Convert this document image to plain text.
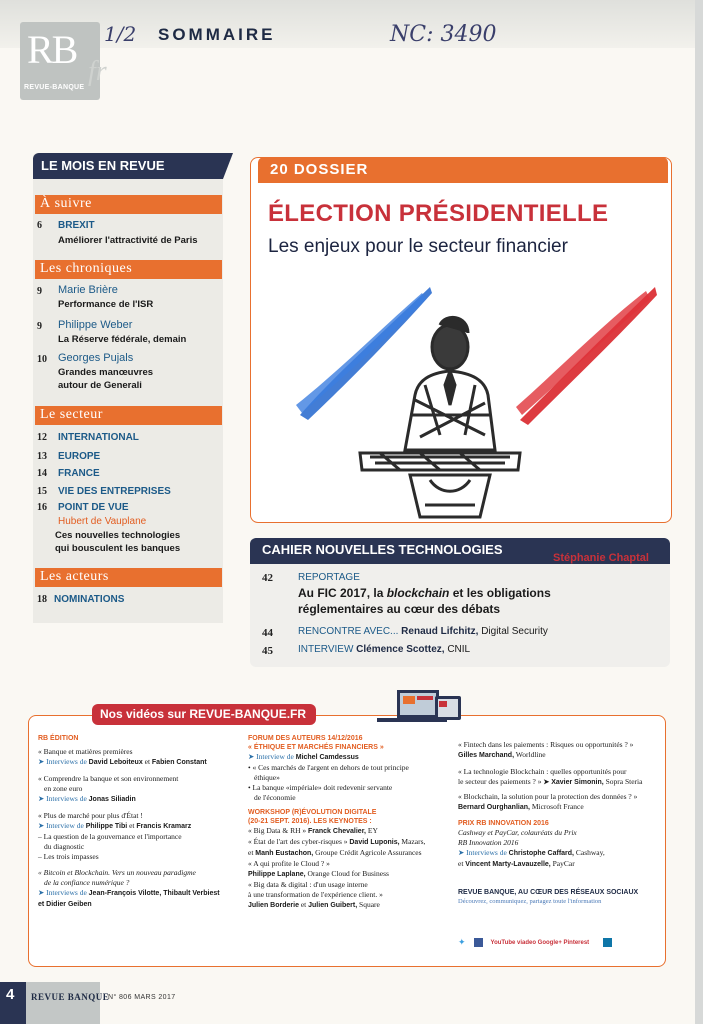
RB fr
REVUE-BANQUE
1/2 SOMMAIRE	NC: 3490
LE MOIS EN REVUE
À suivre
6 BREXIT
Améliorer l'attractivité de Paris
Les chroniques
9 Marie Brière
Performance de l'ISR
9 Philippe Weber
La Réserve fédérale, demain
10 Georges Pujals
Grandes manœuvres autour de Generali
Le secteur
12 INTERNATIONAL
13 EUROPE
14 FRANCE
15 VIE DES ENTREPRISES
16 POINT DE VUE
Hubert de Vauplane
Ces nouvelles technologies qui bousculent les banques
Les acteurs
18 NOMINATIONS
20 DOSSIER
ÉLECTION PRÉSIDENTIELLE
Les enjeux pour le secteur financier
CAHIER NOUVELLES TECHNOLOGIES
Stéphanie Chaptal
42	REPORTAGE
Au FIC 2017, la blockchain et les obligations
réglementaires au cœur des débats
44	RENCONTRE AVEC... Renaud Lifchitz, Digital Security
45	INTERVIEW Clémence Scottez, CNIL
Nos vidéos sur REVUE-BANQUE.FR
RB ÉDITION
« Banque et matières premières
➤ Interviews de David Leboiteux et Fabien Constant
« Comprendre la banque et son environnement
en zone euro
➤ Interviews de Jonas Siliadin
« Plus de marché pour plus d'État !
➤ Interview de Philippe Tibi et Francis Kramarz
– La question de la gouvernance et l'importance
du diagnostic
– Les trois impasses
« Bitcoin et Blockchain. Vers un nouveau paradigme
de la confiance numérique ?
➤ Interviews de Jean-François Vilotte, Thibault Verbiest
et Didier Geiben
FORUM DES AUTEURS 14/12/2016
« ÉTHIQUE ET MARCHÉS FINANCIERS »
➤ Interview de Michel Camdessus
• « Ces marchés de l'argent en dehors de tout principe
éthique»
• La banque «impériale» doit redevenir servante
de l'économie
WORKSHOP (R)ÉVOLUTION DIGITALE
(20-21 SEPT. 2016). LES KEYNOTES :
« Big Data & RH » Franck Chevalier, EY
« État de l'art des cyber-risques » David Luponis, Mazars,
et Manh Eustachon, Groupe Crédit Agricole Assurances
« A qui profite le Cloud ? »
Philippe Laplane, Orange Cloud for Business
« Big data & digital : d'un usage interne
à une transformation de l'expérience client. »
Julien Borderie et Julien Guibert, Square
« Fintech dans les paiements : Risques ou opportunités ? »
Gilles Marchand, Worldline
« La technologie Blockchain : quelles opportunités pour
le secteur des paiements ? » ➤ Xavier Simonin, Sopra Steria
« Blockchain, la solution pour la protection des données ? »
Bernard Ourghanlian, Microsoft France
PRIX RB INNOVATION 2016
Cashway et PayCar, colauréats du Prix
RB Innovation 2016
➤ Interviews de Christophe Caffard, Cashway,
et Vincent Marty-Lavauzelle, PayCar
REVUE BANQUE, AU CŒUR DES RÉSEAUX SOCIAUX
Découvrez, communiquez, partagez toute l'information
✦	YouTube viadeo Google+ Pinterest
4	REVUE BANQUE
N° 806 MARS 2017
